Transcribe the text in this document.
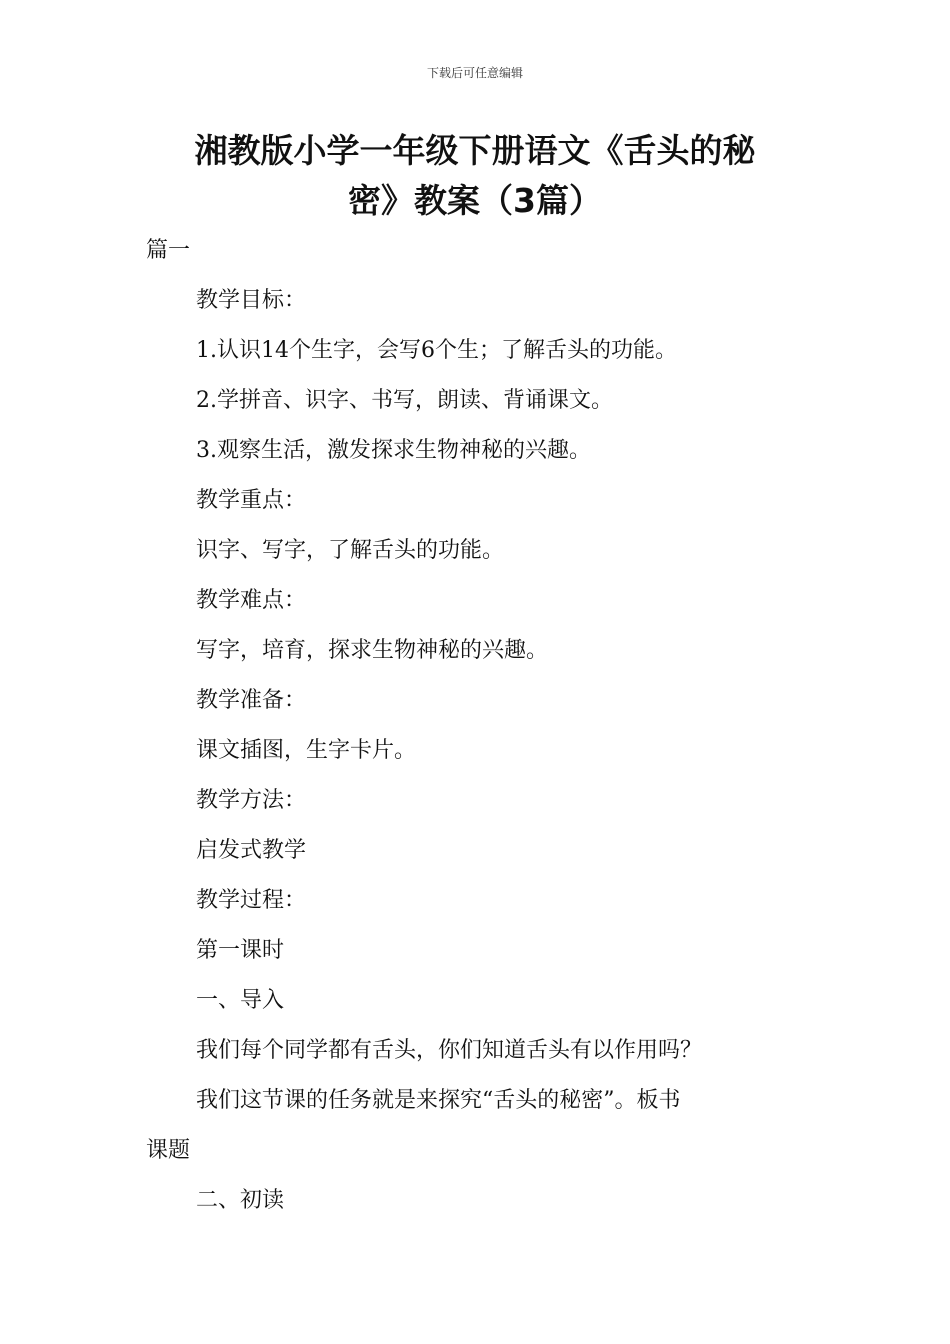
下载后可任意编辑
湘教版小学一年级下册语文《舌头的秘
密》教案（3篇）
篇一
教学目标：
1.认识14个生字，会写6个生；了解舌头的功能。
2.学拼音、识字、书写，朗读、背诵课文。
3.观察生活，激发探求生物神秘的兴趣。
教学重点：
识字、写字，了解舌头的功能。
教学难点：
写字，培育，探求生物神秘的兴趣。
教学准备：
课文插图，生字卡片。
教学方法：
启发式教学
教学过程：
第一课时
一、导入
我们每个同学都有舌头，你们知道舌头有以作用吗？
我们这节课的任务就是来探究“舌头的秘密”。板书
课题
二、初读
